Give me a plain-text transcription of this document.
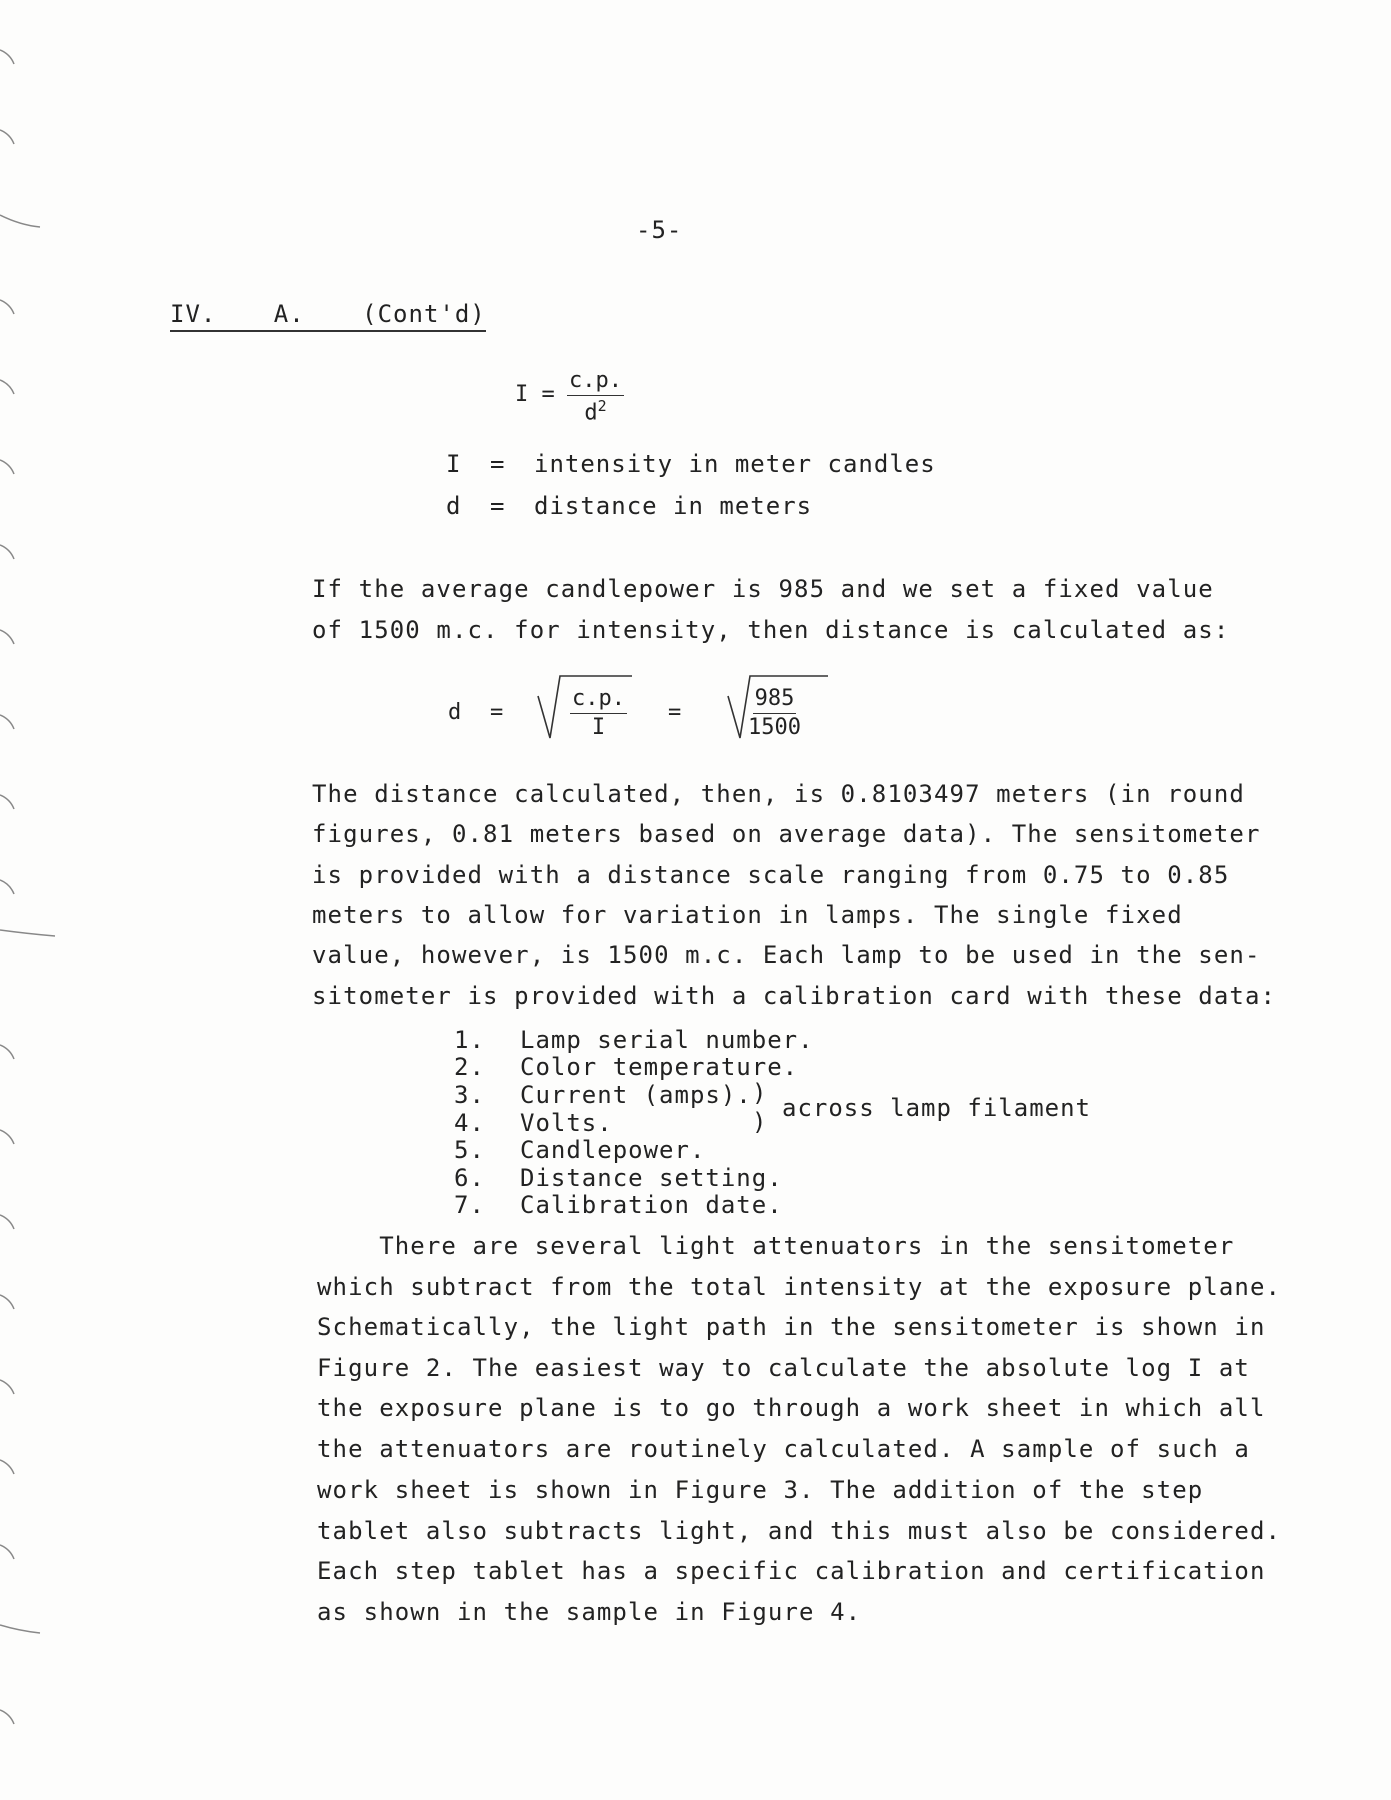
-5-
IV. A. (Cont'd)
$I = \frac{c.p.}{d^2}$
I = intensity in meter candles
d = distance in meters
If the average candlepower is 985 and we set a fixed value
of 1500 m.c. for intensity, then distance is calculated as:
d =	$\frac{c.p.}{I}$ =	$\frac{985}{1500}$
The distance calculated, then, is 0.8103497 meters (in round
figures, 0.81 meters based on average data). The sensitometer
is provided with a distance scale ranging from 0.75 to 0.85
meters to allow for variation in lamps. The single fixed
value, however, is 1500 m.c. Each lamp to be used in the sen-
sitometer is provided with a calibration card with these data:
1. Lamp serial number.
2. Color temperature.
3. Current (amps).
4. Volts.
5. Candlepower.
6. Distance setting.
7. Calibration date.
)
) across lamp filament
There are several light attenuators in the sensitometer
which subtract from the total intensity at the exposure plane.
Schematically, the light path in the sensitometer is shown in
Figure 2. The easiest way to calculate the absolute log I at
the exposure plane is to go through a work sheet in which all
the attenuators are routinely calculated. A sample of such a
work sheet is shown in Figure 3. The addition of the step
tablet also subtracts light, and this must also be considered.
Each step tablet has a specific calibration and certification
as shown in the sample in Figure 4.
